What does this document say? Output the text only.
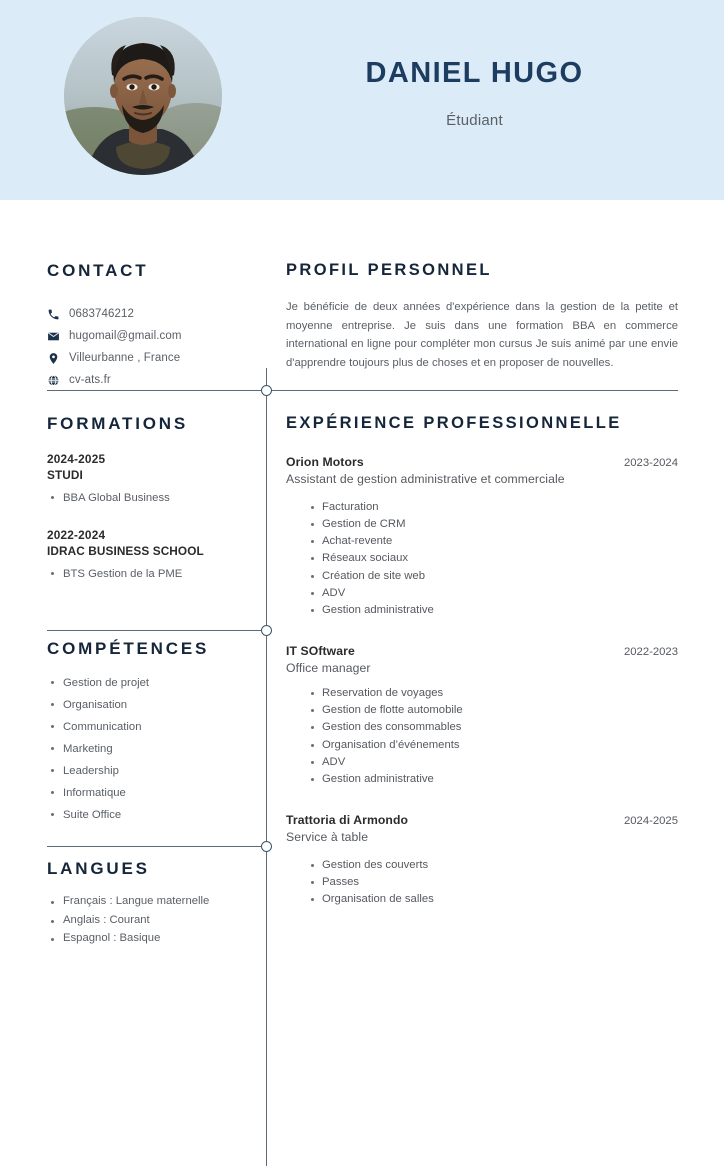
DANIEL HUGO
Étudiant
CONTACT
0683746212
hugomail@gmail.com
Villeurbanne , France
cv-ats.fr
FORMATIONS
2024-2025
STUDI
BBA Global Business
2022-2024
IDRAC BUSINESS SCHOOL
BTS Gestion de la PME
COMPÉTENCES
Gestion de projet
Organisation
Communication
Marketing
Leadership
Informatique
Suite Office
LANGUES
Français : Langue maternelle
Anglais : Courant
Espagnol : Basique
PROFIL PERSONNEL

Je bénéficie de deux années d'expérience dans la gestion de la petite et moyenne entreprise. Je suis dans une formation BBA en commerce international en ligne pour compléter mon cursus Je suis animé par une envie d'apprendre toujours plus de choses et en proposer de nouvelles.

EXPÉRIENCE PROFESSIONNELLE
Orion Motors	2023-2024
Assistant de gestion administrative et commerciale
Facturation
Gestion de CRM
Achat-revente
Réseaux sociaux
Création de site web
ADV
Gestion administrative
IT SOftware	2022-2023
Office manager
Reservation de voyages
Gestion de flotte automobile
Gestion des consommables
Organisation d’événements
ADV
Gestion administrative
Trattoria di Armondo	2024-2025
Service à table
Gestion des couverts
Passes
Organisation de salles
